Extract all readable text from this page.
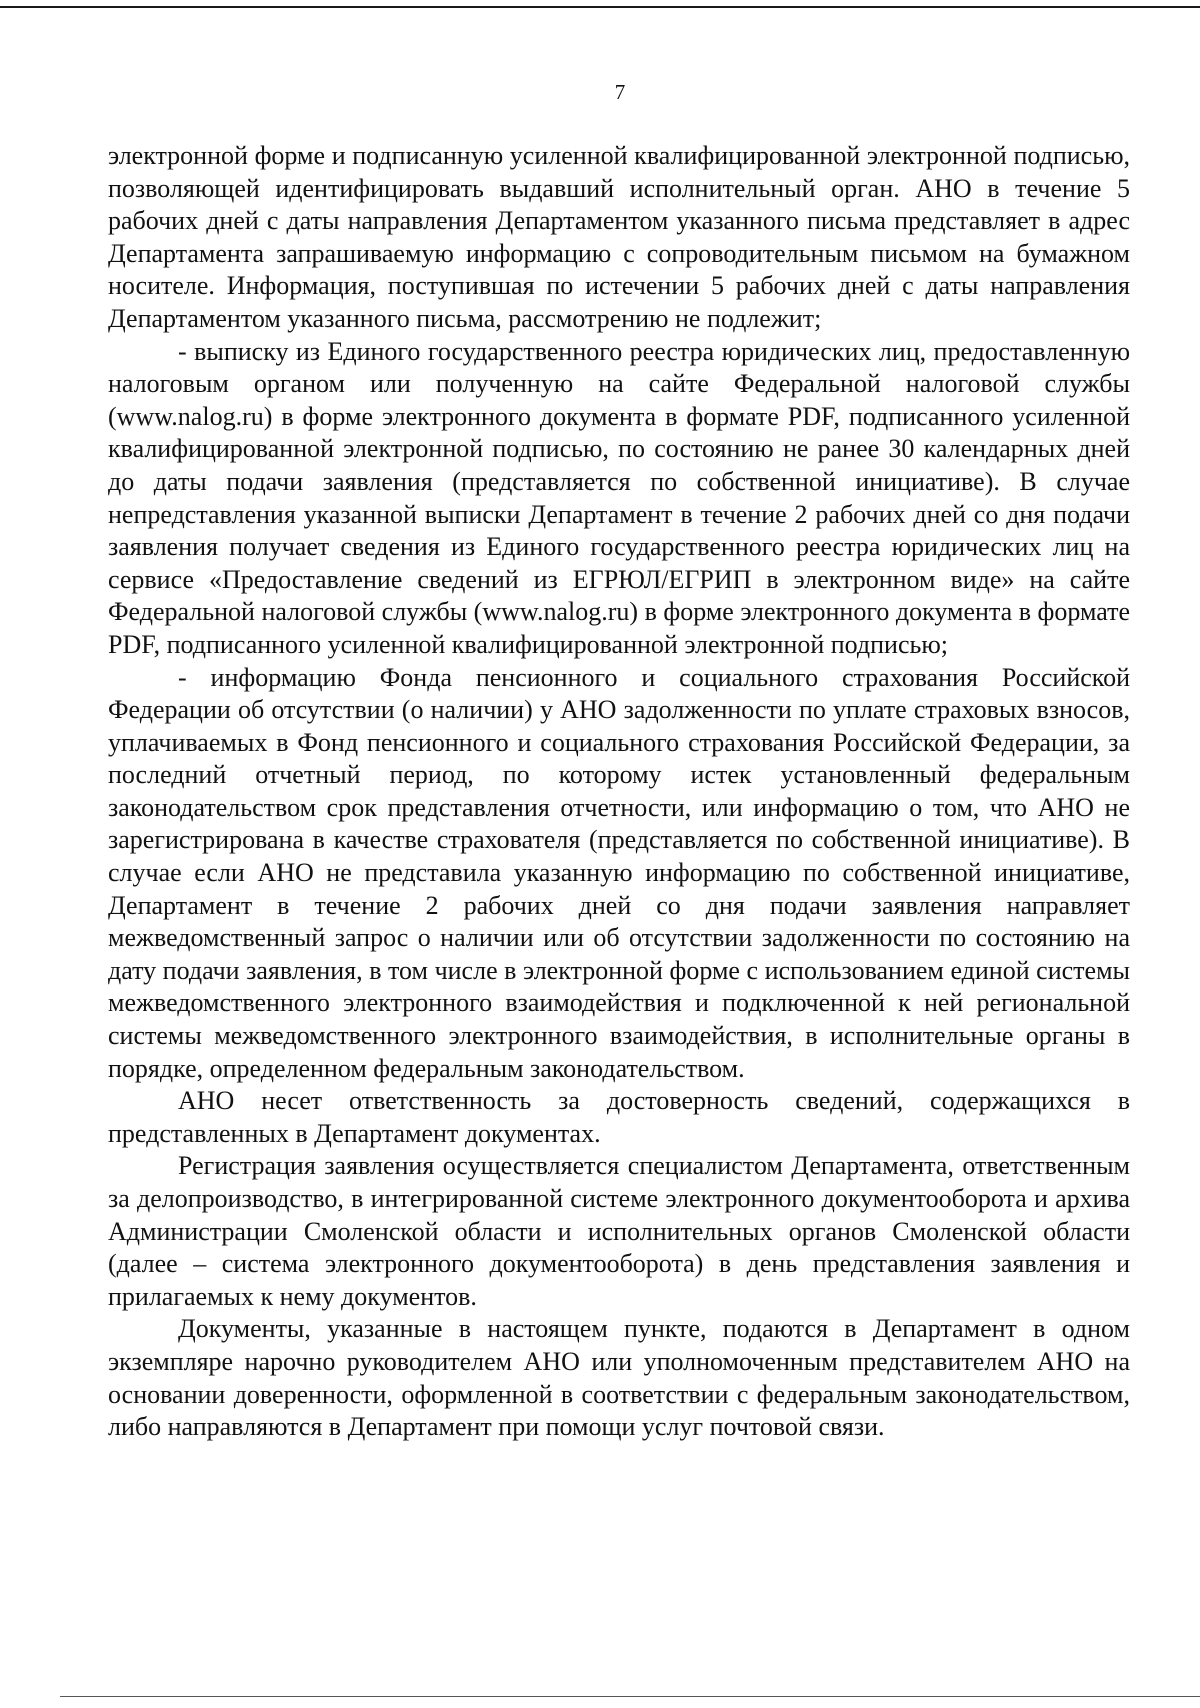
7

электронной форме и подписанную усиленной квалифицированной электронной подписью, позволяющей идентифицировать выдавший исполнительный орган. АНО в течение 5 рабочих дней с даты направления Департаментом указанного письма представляет в адрес Департамента запрашиваемую информацию с сопроводительным письмом на бумажном носителе. Информация, поступившая по истечении 5 рабочих дней с даты направления Департаментом указанного письма, рассмотрению не подлежит;

- выписку из Единого государственного реестра юридических лиц, предоставленную налоговым органом или полученную на сайте Федеральной налоговой службы (www.nalog.ru) в форме электронного документа в формате PDF, подписанного усиленной квалифицированной электронной подписью, по состоянию не ранее 30 календарных дней до даты подачи заявления (представляется по собственной инициативе). В случае непредставления указанной выписки Департамент в течение 2 рабочих дней со дня подачи заявления получает сведения из Единого государственного реестра юридических лиц на сервисе «Предоставление сведений из ЕГРЮЛ/ЕГРИП в электронном виде» на сайте Федеральной налоговой службы (www.nalog.ru) в форме электронного документа в формате PDF, подписанного усиленной квалифицированной электронной подписью;

- информацию Фонда пенсионного и социального страхования Российской Федерации об отсутствии (о наличии) у АНО задолженности по уплате страховых взносов, уплачиваемых в Фонд пенсионного и социального страхования Российской Федерации, за последний отчетный период, по которому истек установленный федеральным законодательством срок представления отчетности, или информацию о том, что АНО не зарегистрирована в качестве страхователя (представляется по собственной инициативе). В случае если АНО не представила указанную информацию по собственной инициативе, Департамент в течение 2 рабочих дней со дня подачи заявления направляет межведомственный запрос о наличии или об отсутствии задолженности по состоянию на дату подачи заявления, в том числе в электронной форме с использованием единой системы межведомственного электронного взаимодействия и подключенной к ней региональной системы межведомственного электронного взаимодействия, в исполнительные органы в порядке, определенном федеральным законодательством.

АНО несет ответственность за достоверность сведений, содержащихся в представленных в Департамент документах.

Регистрация заявления осуществляется специалистом Департамента, ответственным за делопроизводство, в интегрированной системе электронного документооборота и архива Администрации Смоленской области и исполнительных органов Смоленской области (далее – система электронного документооборота) в день представления заявления и прилагаемых к нему документов.

Документы, указанные в настоящем пункте, подаются в Департамент в одном экземпляре нарочно руководителем АНО или уполномоченным представителем АНО на основании доверенности, оформленной в соответствии с федеральным законодательством, либо направляются в Департамент при помощи услуг почтовой связи.
